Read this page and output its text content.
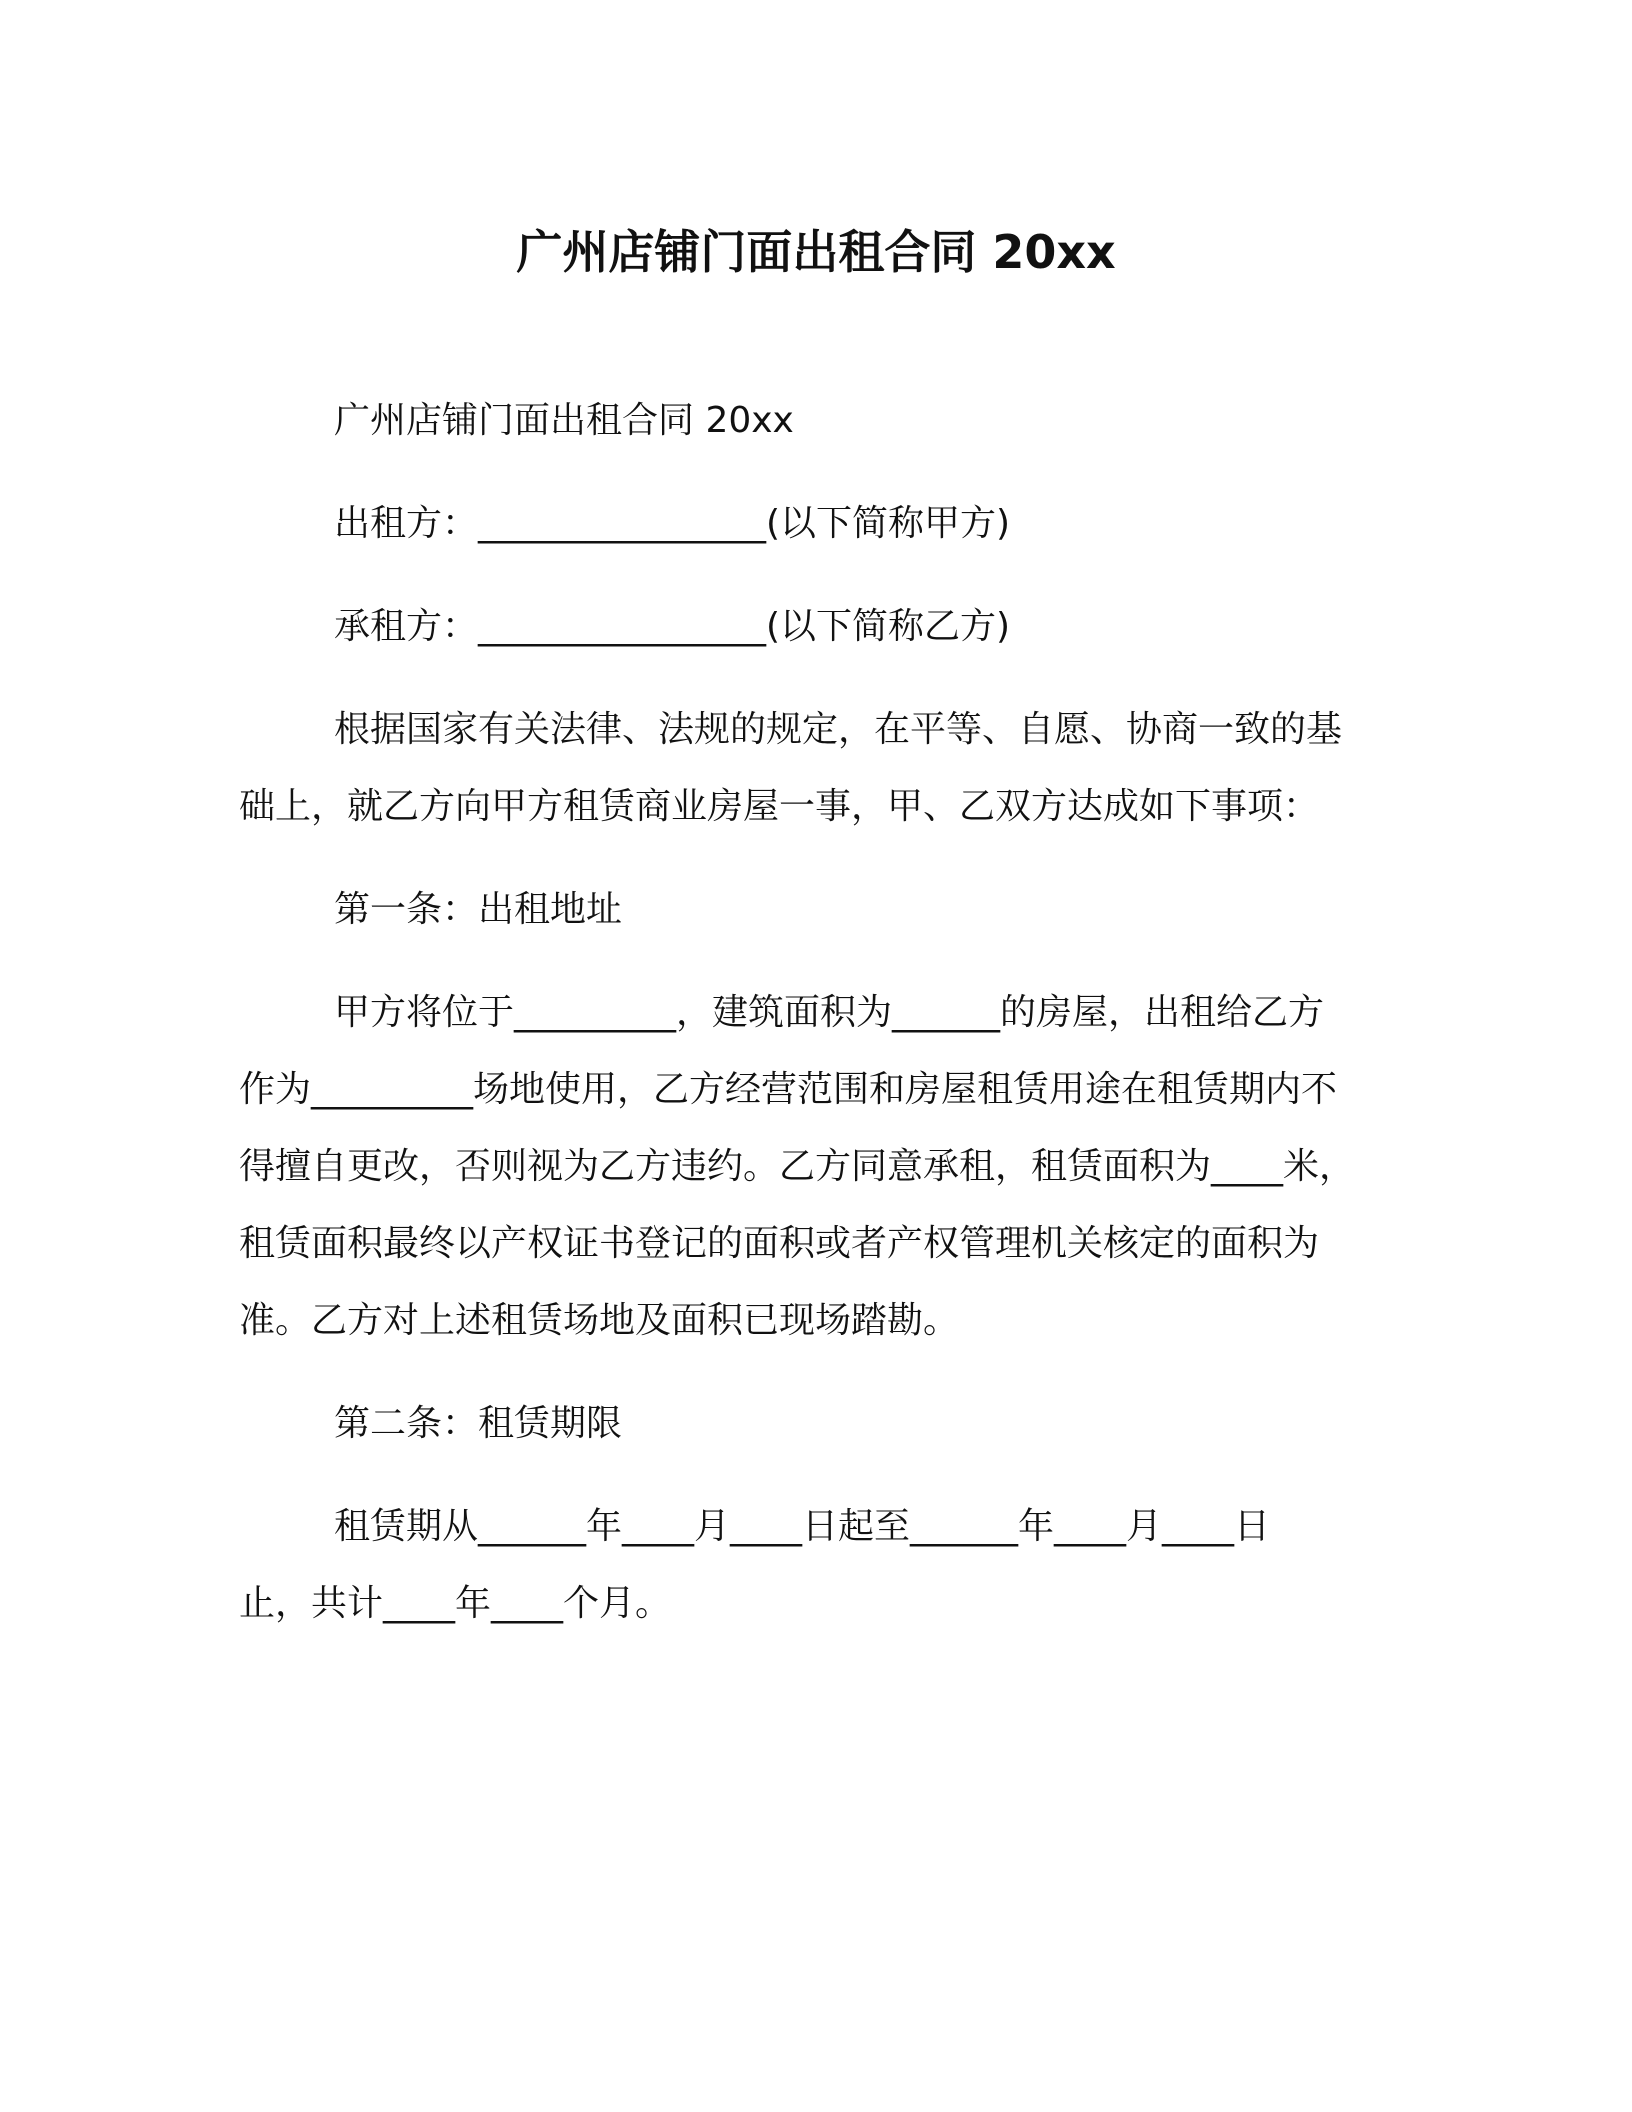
广州店铺门面出租合同 20xx
广州店铺门面出租合同 20xx
出租方：________________(以下简称甲方)
承租方：________________(以下简称乙方)
根据国家有关法律、法规的规定，在平等、自愿、协商一致的基
础上，就乙方向甲方租赁商业房屋一事，甲、乙双方达成如下事项：
第一条：出租地址
甲方将位于_________，建筑面积为______的房屋，出租给乙方
作为_________场地使用，乙方经营范围和房屋租赁用途在租赁期内不
得擅自更改，否则视为乙方违约。乙方同意承租，租赁面积为____米，
租赁面积最终以产权证书登记的面积或者产权管理机关核定的面积为
准。乙方对上述租赁场地及面积已现场踏勘。
第二条：租赁期限
租赁期从______年____月____日起至______年____月____日
止，共计____年____个月。
